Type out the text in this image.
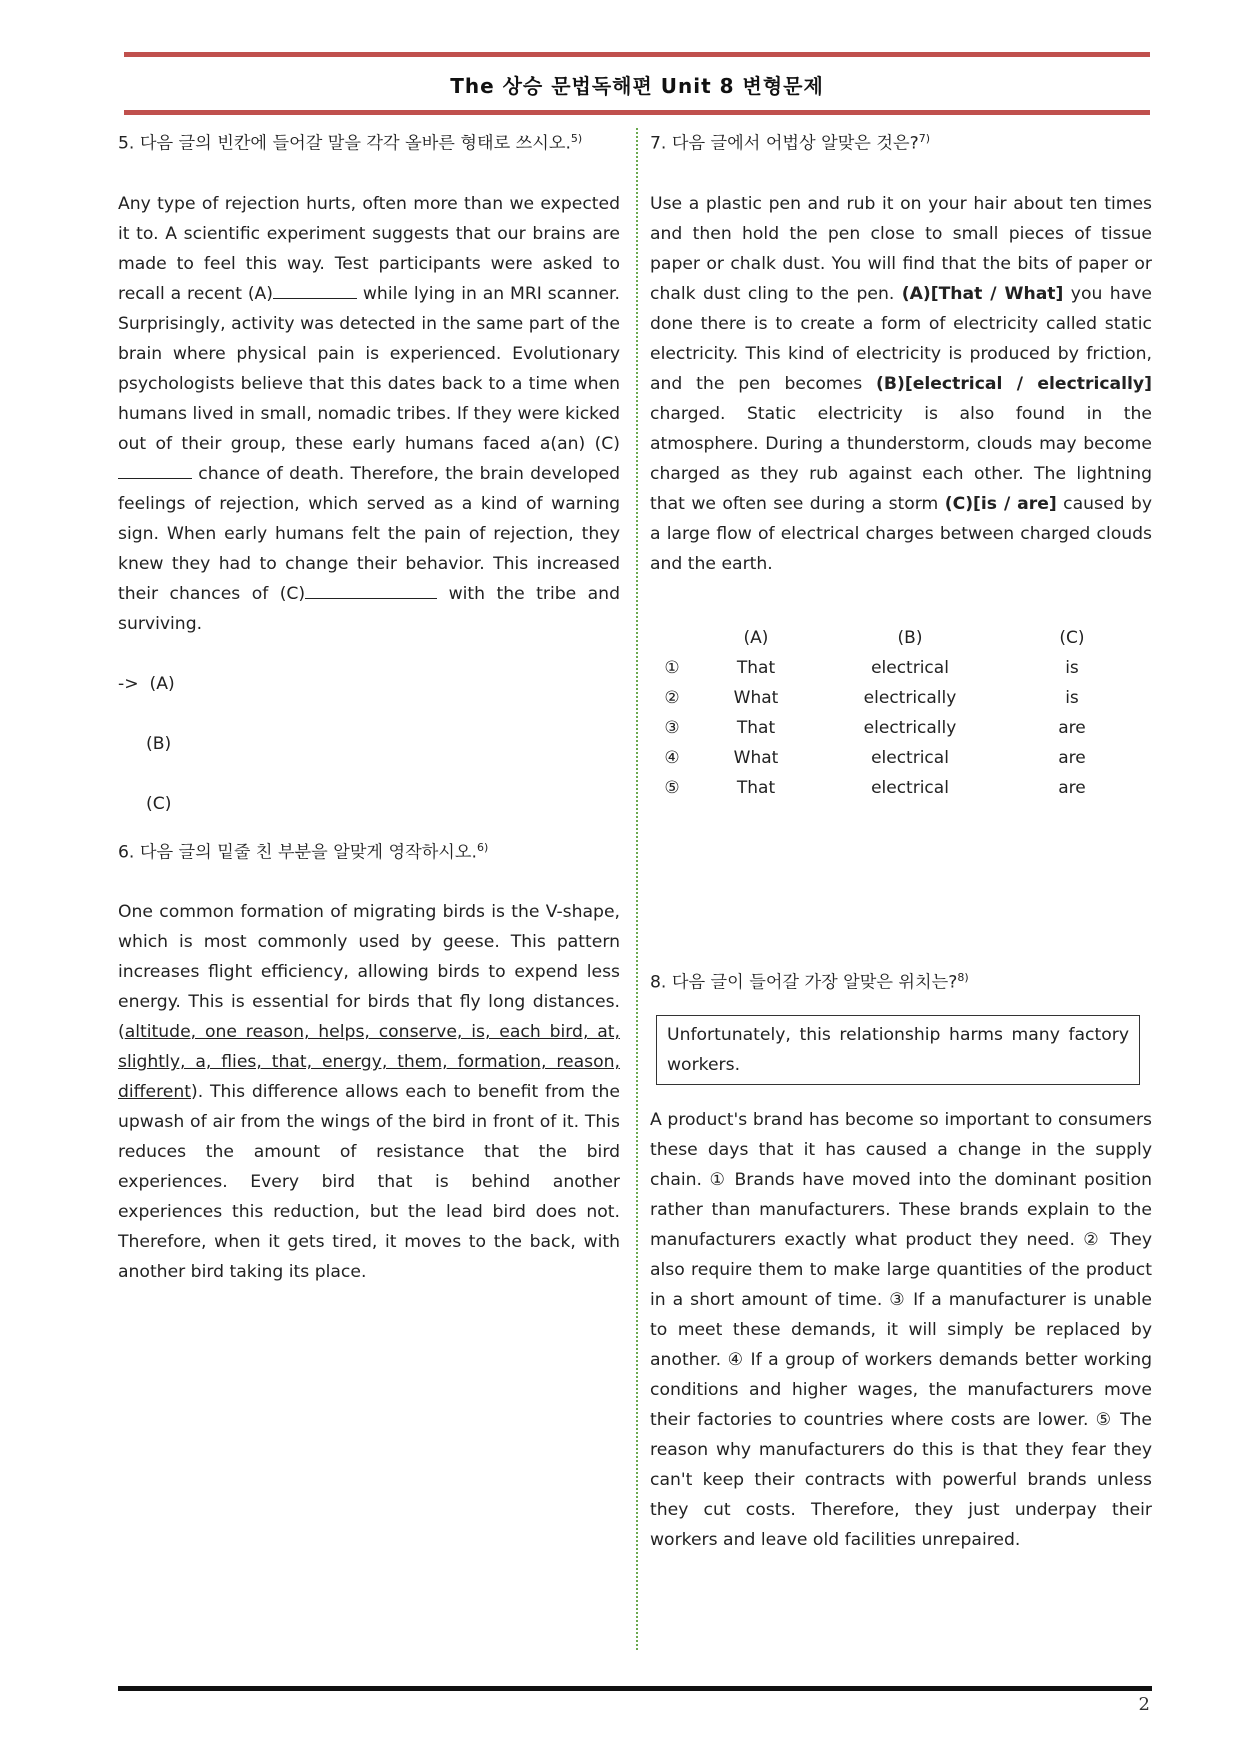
The 상승 문법독해편 Unit 8 변형문제

5. 다음 글의 빈칸에 들어갈 말을 각각 올바른 형태로 쓰시오.$^{5)}$

Any type of rejection hurts, often more than we expected it to. A scientific experiment suggests that our brains are made to feel this way. Test participants were asked to recall a recent (A)	while lying in an MRI scanner. Surprisingly, activity was detected in the same part of the brain where physical pain is experienced. Evolutionary psychologists believe that this dates back to a time when humans lived in small, nomadic tribes. If they were kicked out of their group, these early humans faced a(an) (C) chance of death. Therefore, the brain developed feelings of rejection, which served as a kind of warning sign. When early humans felt the pain of rejection, they knew they had to change their behavior. This increased their chances of (C)	with the tribe and surviving.

-> (A)

(B)

(C)

6. 다음 글의 밑줄 친 부분을 알맞게 영작하시오.$^{6)}$

One common formation of migrating birds is the V-shape, which is most commonly used by geese. This pattern increases flight efficiency, allowing birds to expend less energy. This is essential for birds that fly long distances. (altitude, one reason, helps, conserve, is, each bird, at, slightly, a, flies, that, energy, them, formation, reason, different). This difference allows each to benefit from the upwash of air from the wings of the bird in front of it. This reduces the amount of resistance that the bird experiences. Every bird that is behind another experiences this reduction, but the lead bird does not. Therefore, when it gets tired, it moves to the back, with another bird taking its place.

7. 다음 글에서 어법상 알맞은 것은?$^{7)}$

Use a plastic pen and rub it on your hair about ten times and then hold the pen close to small pieces of tissue paper or chalk dust. You will find that the bits of paper or chalk dust cling to the pen. (A)[That / What] you have done there is to create a form of electricity called static electricity. This kind of electricity is produced by friction, and the pen becomes (B)[electrical / electrically] charged. Static electricity is also found in the atmosphere. During a thunderstorm, clouds may become charged as they rub against each other. The lightning that we often see during a storm (C)[is / are] caused by a large flow of electrical charges between charged clouds and the earth.

	(A)	(B)	(C)
①	That	electrical	is
②	What	electrically	is
③	That	electrically	are
④	What	electrical	are
⑤	That	electrical	are

8. 다음 글이 들어갈 가장 알맞은 위치는?$^{8)}$

Unfortunately, this relationship harms many factory workers.

A product's brand has become so important to consumers these days that it has caused a change in the supply chain. ① Brands have moved into the dominant position rather than manufacturers. These brands explain to the manufacturers exactly what product they need. ② They also require them to make large quantities of the product in a short amount of time. ③ If a manufacturer is unable to meet these demands, it will simply be replaced by another. ④ If a group of workers demands better working conditions and higher wages, the manufacturers move their factories to countries where costs are lower. ⑤ The reason why manufacturers do this is that they fear they can't keep their contracts with powerful brands unless they cut costs. Therefore, they just underpay their workers and leave old facilities unrepaired.

2
